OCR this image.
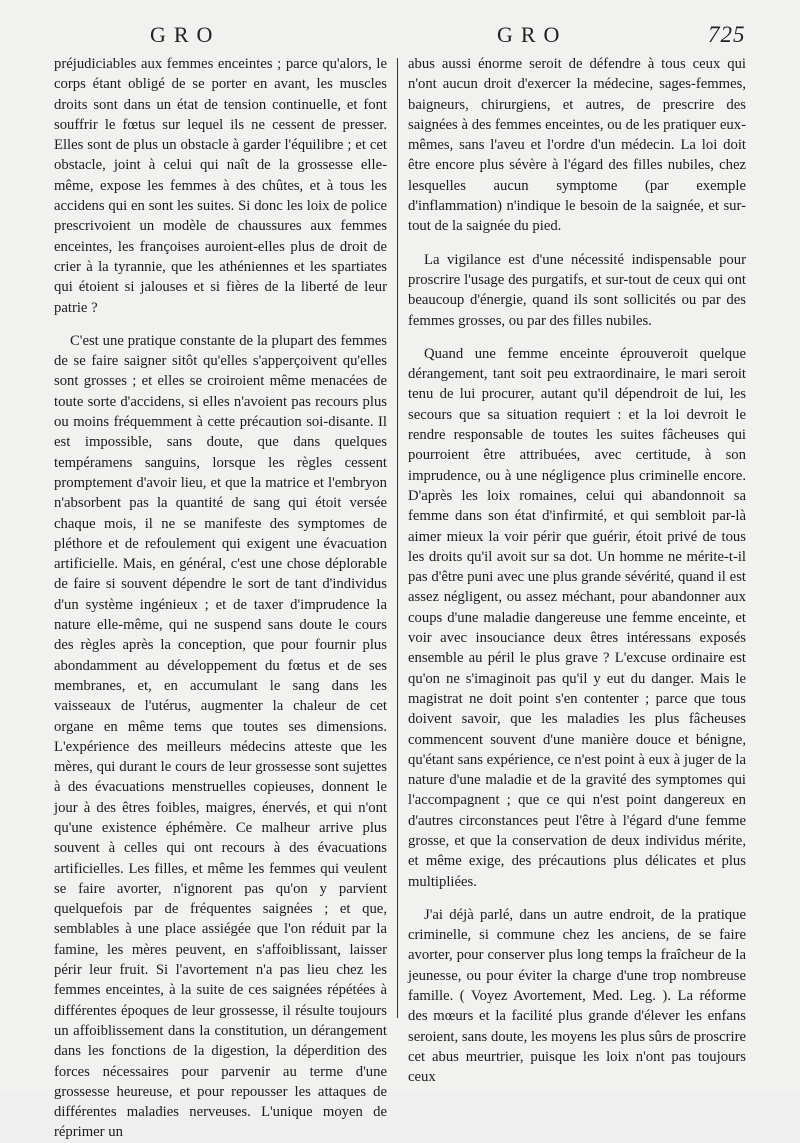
GRO	GRO	725

préjudiciables aux femmes enceintes ; parce qu'alors, le corps étant obligé de se porter en avant, les muscles droits sont dans un état de tension continuelle, et font souffrir le fœtus sur lequel ils ne cessent de presser. Elles sont de plus un obstacle à garder l'équilibre ; et cet obstacle, joint à celui qui naît de la grossesse elle-même, expose les femmes à des chûtes, et à tous les accidens qui en sont les suites. Si donc les loix de police prescrivoient un modèle de chaussures aux femmes enceintes, les françoises auroient-elles plus de droit de crier à la tyrannie, que les athéniennes et les spartiates qui étoient si jalouses et si fières de la liberté de leur patrie ?

C'est une pratique constante de la plupart des femmes de se faire saigner sitôt qu'elles s'apperçoivent qu'elles sont grosses ; et elles se croiroient même menacées de toute sorte d'accidens, si elles n'avoient pas recours plus ou moins fréquemment à cette précaution soi-disante. Il est impossible, sans doute, que dans quelques tempéramens sanguins, lorsque les règles cessent promptement d'avoir lieu, et que la matrice et l'embryon n'absorbent pas la quantité de sang qui étoit versée chaque mois, il ne se manifeste des symptomes de pléthore et de refoulement qui exigent une évacuation artificielle. Mais, en général, c'est une chose déplorable de faire si souvent dépendre le sort de tant d'individus d'un système ingénieux ; et de taxer d'imprudence la nature elle-même, qui ne suspend sans doute le cours des règles après la conception, que pour fournir plus abondamment au développement du fœtus et de ses membranes, et, en accumulant le sang dans les vaisseaux de l'utérus, augmenter la chaleur de cet organe en même tems que toutes ses dimensions. L'expérience des meilleurs médecins atteste que les mères, qui durant le cours de leur grossesse sont sujettes à des évacuations menstruelles copieuses, donnent le jour à des êtres foibles, maigres, énervés, et qui n'ont qu'une existence éphémère. Ce malheur arrive plus souvent à celles qui ont recours à des évacuations artificielles. Les filles, et même les femmes qui veulent se faire avorter, n'ignorent pas qu'on y parvient quelquefois par de fréquentes saignées ; et que, semblables à une place assiégée que l'on réduit par la famine, les mères peuvent, en s'affoiblissant, laisser périr leur fruit. Si l'avortement n'a pas lieu chez les femmes enceintes, à la suite de ces saignées répétées à différentes époques de leur grossesse, il résulte toujours un affoiblissement dans la constitution, un dérangement dans les fonctions de la digestion, la déperdition des forces nécessaires pour parvenir au terme d'une grossesse heureuse, et pour repousser les attaques de différentes maladies nerveuses. L'unique moyen de réprimer un

abus aussi énorme seroit de défendre à tous ceux qui n'ont aucun droit d'exercer la médecine, sages-femmes, baigneurs, chirurgiens, et autres, de prescrire des saignées à des femmes enceintes, ou de les pratiquer eux-mêmes, sans l'aveu et l'ordre d'un médecin. La loi doit être encore plus sévère à l'égard des filles nubiles, chez lesquelles aucun symptome (par exemple d'inflammation) n'indique le besoin de la saignée, et sur-tout de la saignée du pied.

La vigilance est d'une nécessité indispensable pour proscrire l'usage des purgatifs, et sur-tout de ceux qui ont beaucoup d'énergie, quand ils sont sollicités ou par des femmes grosses, ou par des filles nubiles.

Quand une femme enceinte éprouveroit quelque dérangement, tant soit peu extraordinaire, le mari seroit tenu de lui procurer, autant qu'il dépendroit de lui, les secours que sa situation requiert : et la loi devroit le rendre responsable de toutes les suites fâcheuses qui pourroient être attribuées, avec certitude, à son imprudence, ou à une négligence plus criminelle encore. D'après les loix romaines, celui qui abandonnoit sa femme dans son état d'infirmité, et qui sembloit par-là aimer mieux la voir périr que guérir, étoit privé de tous les droits qu'il avoit sur sa dot. Un homme ne mérite-t-il pas d'être puni avec une plus grande sévérité, quand il est assez négligent, ou assez méchant, pour abandonner aux coups d'une maladie dangereuse une femme enceinte, et voir avec insouciance deux êtres intéressans exposés ensemble au péril le plus grave ? L'excuse ordinaire est qu'on ne s'imaginoit pas qu'il y eut du danger. Mais le magistrat ne doit point s'en contenter ; parce que tous doivent savoir, que les maladies les plus fâcheuses commencent souvent d'une manière douce et bénigne, qu'étant sans expérience, ce n'est point à eux à juger de la nature d'une maladie et de la gravité des symptomes qui l'accompagnent ; que ce qui n'est point dangereux en d'autres circonstances peut l'être à l'égard d'une femme grosse, et que la conservation de deux individus mérite, et même exige, des précautions plus délicates et plus multipliées.

J'ai déjà parlé, dans un autre endroit, de la pratique criminelle, si commune chez les anciens, de se faire avorter, pour conserver plus long temps la fraîcheur de la jeunesse, ou pour éviter la charge d'une trop nombreuse famille. ( Voyez Avortement, Med. Leg. ). La réforme des mœurs et la facilité plus grande d'élever les enfans seroient, sans doute, les moyens les plus sûrs de proscrire cet abus meurtrier, puisque les loix n'ont pas toujours ceux
